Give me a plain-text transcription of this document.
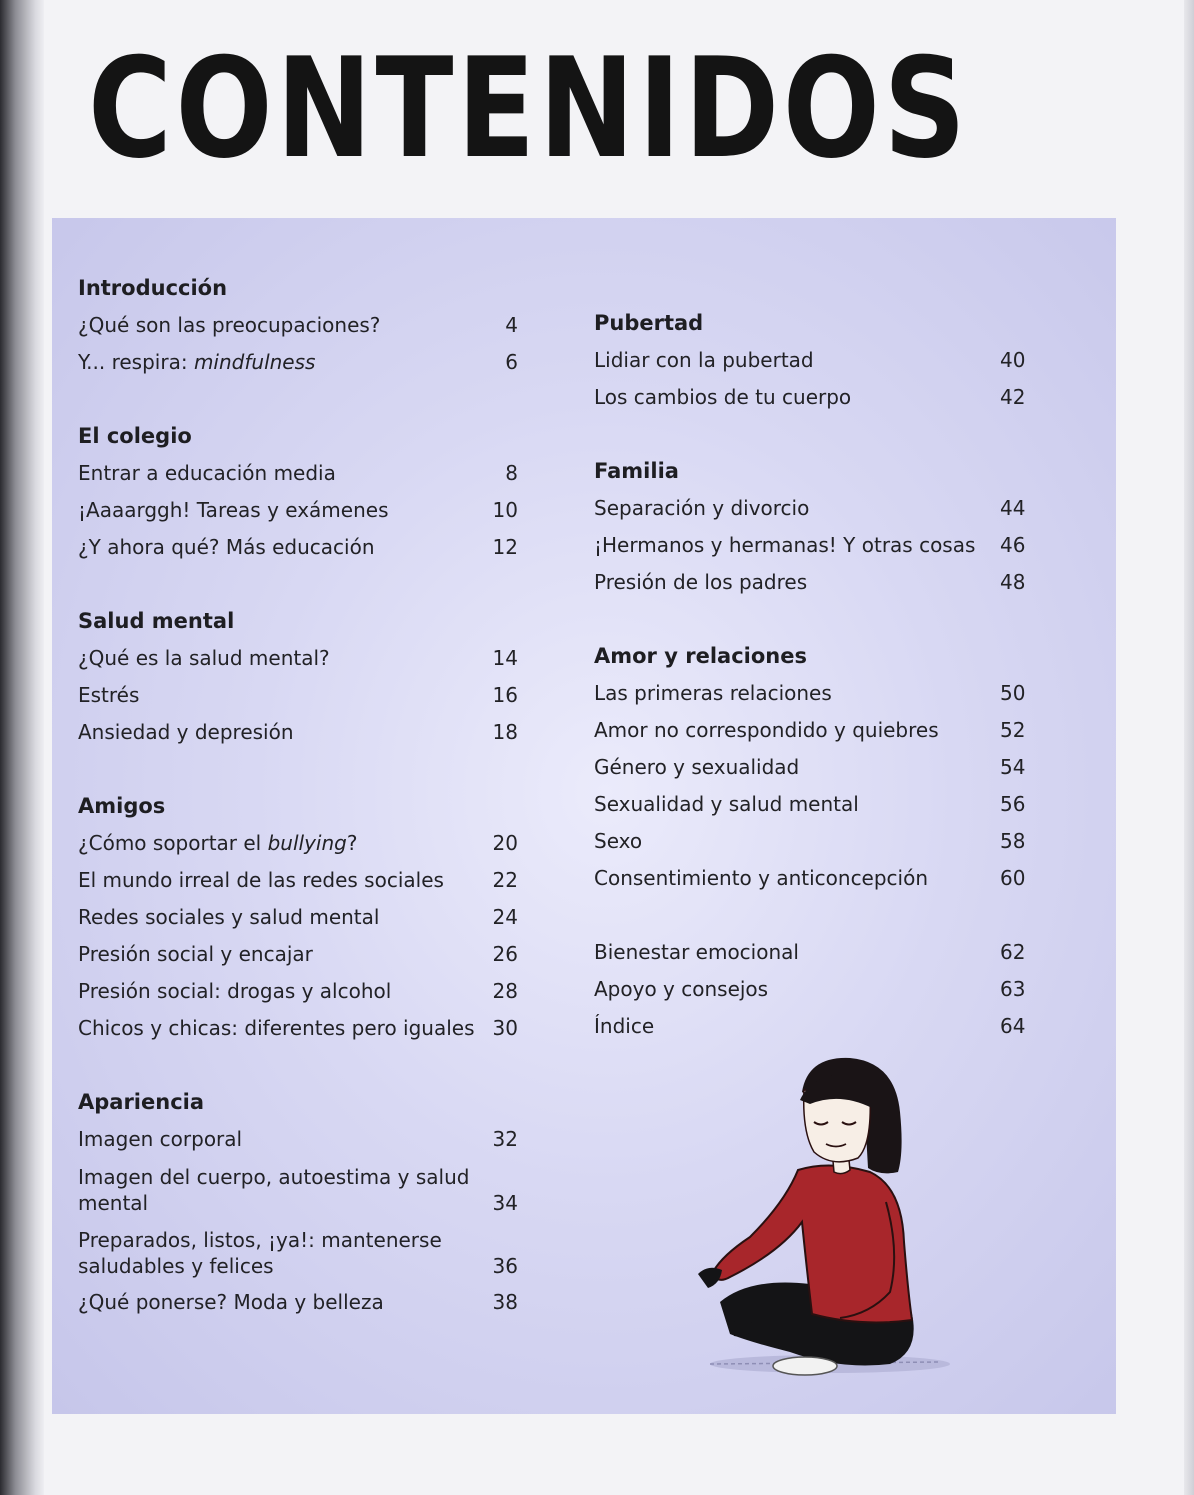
CONTENIDOS
Introducción
¿Qué son las preocupaciones?	4
Y... respira: mindfulness	6
El colegio
Entrar a educación media	8
¡Aaaarggh! Tareas y exámenes	10
¿Y ahora qué? Más educación	12
Salud mental
¿Qué es la salud mental?	14
Estrés	16
Ansiedad y depresión	18
Amigos
¿Cómo soportar el bullying?	20
El mundo irreal de las redes sociales	22
Redes sociales y salud mental	24
Presión social y encajar	26
Presión social: drogas y alcohol	28
Chicos y chicas: diferentes pero iguales 30
Apariencia
Imagen corporal	32
Imagen del cuerpo, autoestima y salud mental	34
Preparados, listos, ¡ya!: mantenerse saludables y felices	36
¿Qué ponerse? Moda y belleza	38
Pubertad
Lidiar con la pubertad	40
Los cambios de tu cuerpo	42
Familia
Separación y divorcio	44
¡Hermanos y hermanas! Y otras cosas	46
Presión de los padres	48
Amor y relaciones
Las primeras relaciones	50
Amor no correspondido y quiebres	52
Género y sexualidad	54
Sexualidad y salud mental	56
Sexo	58
Consentimiento y anticoncepción	60
Bienestar emocional	62
Apoyo y consejos	63
Índice	64
